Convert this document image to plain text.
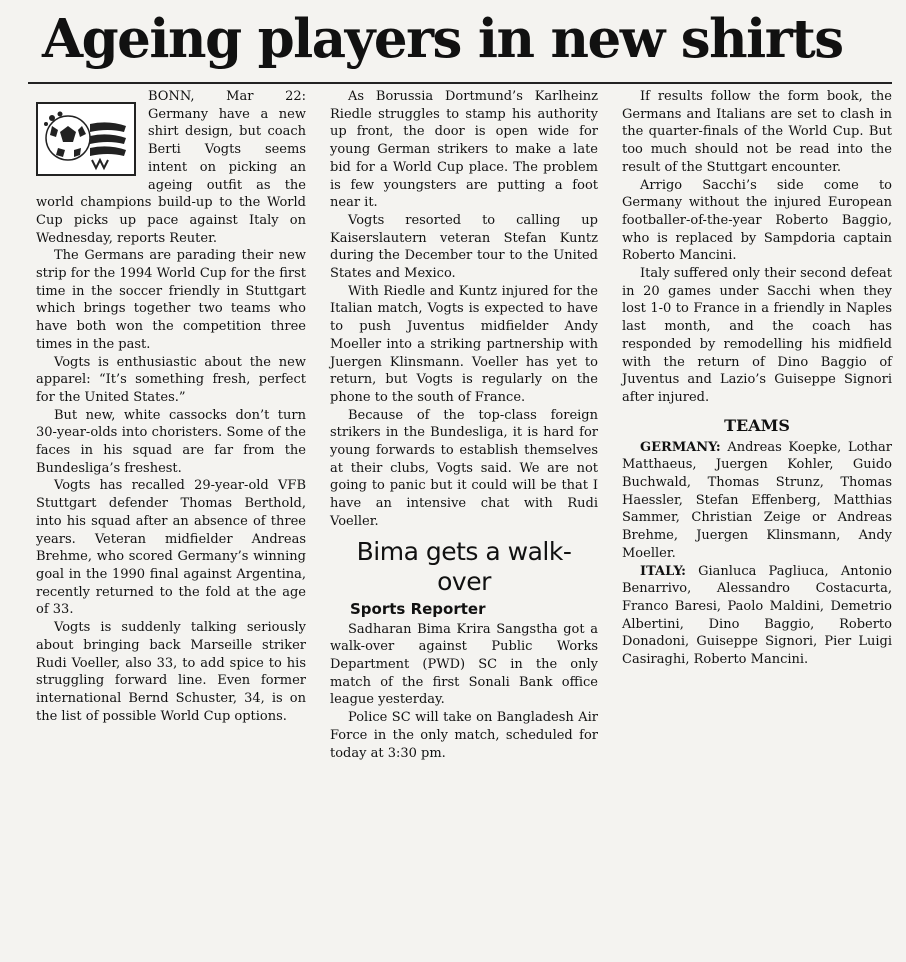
Ageing players in new shirts

BONN, Mar 22: Germany have a new shirt design, but coach Berti Vogts seems intent on picking an ageing outfit as the world champions build-up to the World Cup picks up pace against Italy on Wednesday, reports Reuter.

The Germans are parading their new strip for the 1994 World Cup for the first time in the soccer friendly in Stuttgart which brings together two teams who have both won the competition three times in the past.

Vogts is enthusiastic about the new apparel: “It’s something fresh, perfect for the United States.”

But new, white cassocks don’t turn 30-year-olds into choristers. Some of the faces in his squad are far from the Bundesliga’s freshest.

Vogts has recalled 29-year-old VFB Stuttgart defender Thomas Berthold, into his squad after an absence of three years. Veteran midfielder Andreas Brehme, who scored Germany’s winning goal in the 1990 final against Argentina, recently returned to the fold at the age of 33.

Vogts is suddenly talking seriously about bringing back Marseille striker Rudi Voeller, also 33, to add spice to his struggling forward line. Even former international Bernd Schuster, 34, is on the list of possible World Cup options.

As Borussia Dortmund’s Karlheinz Riedle struggles to stamp his authority up front, the door is open wide for young German strikers to make a late bid for a World Cup place. The problem is few youngsters are putting a foot near it.

Vogts resorted to calling up Kaiserslautern veteran Stefan Kuntz during the December tour to the United States and Mexico.

With Riedle and Kuntz injured for the Italian match, Vogts is expected to have to push Juventus midfielder Andy Moeller into a striking partnership with Juergen Klinsmann. Voeller has yet to return, but Vogts is regularly on the phone to the south of France.

Because of the top-class foreign strikers in the Bundesliga, it is hard for young forwards to establish themselves at their clubs, Vogts said. We are not going to panic but it could will be that I have an intensive chat with Rudi Voeller.

Bima gets a walk-over
Sports Reporter

Sadharan Bima Krira Sangstha got a walk-over against Public Works Department (PWD) SC in the only match of the first Sonali Bank office league yesterday.

Police SC will take on Bangladesh Air Force in the only match, scheduled for today at 3:30 pm.

If results follow the form book, the Germans and Italians are set to clash in the quarter-finals of the World Cup. But too much should not be read into the result of the Stuttgart encounter.

Arrigo Sacchi’s side come to Germany without the injured European footballer-of-the-year Roberto Baggio, who is replaced by Sampdoria captain Roberto Mancini.

Italy suffered only their second defeat in 20 games under Sacchi when they lost 1-0 to France in a friendly in Naples last month, and the coach has responded by remodelling his midfield with the return of Dino Baggio of Juventus and Lazio’s Guiseppe Signori after injured.

TEAMS

GERMANY: Andreas Koepke, Lothar Matthaeus, Juergen Kohler, Guido Buchwald, Thomas Strunz, Thomas Haessler, Stefan Effenberg, Matthias Sammer, Christian Zeige or Andreas Brehme, Juergen Klinsmann, Andy Moeller.

ITALY: Gianluca Pagliuca, Antonio Benarrivo, Alessandro Costacurta, Franco Baresi, Paolo Maldini, Demetrio Albertini, Dino Baggio, Roberto Donadoni, Guiseppe Signori, Pier Luigi Casiraghi, Roberto Mancini.
